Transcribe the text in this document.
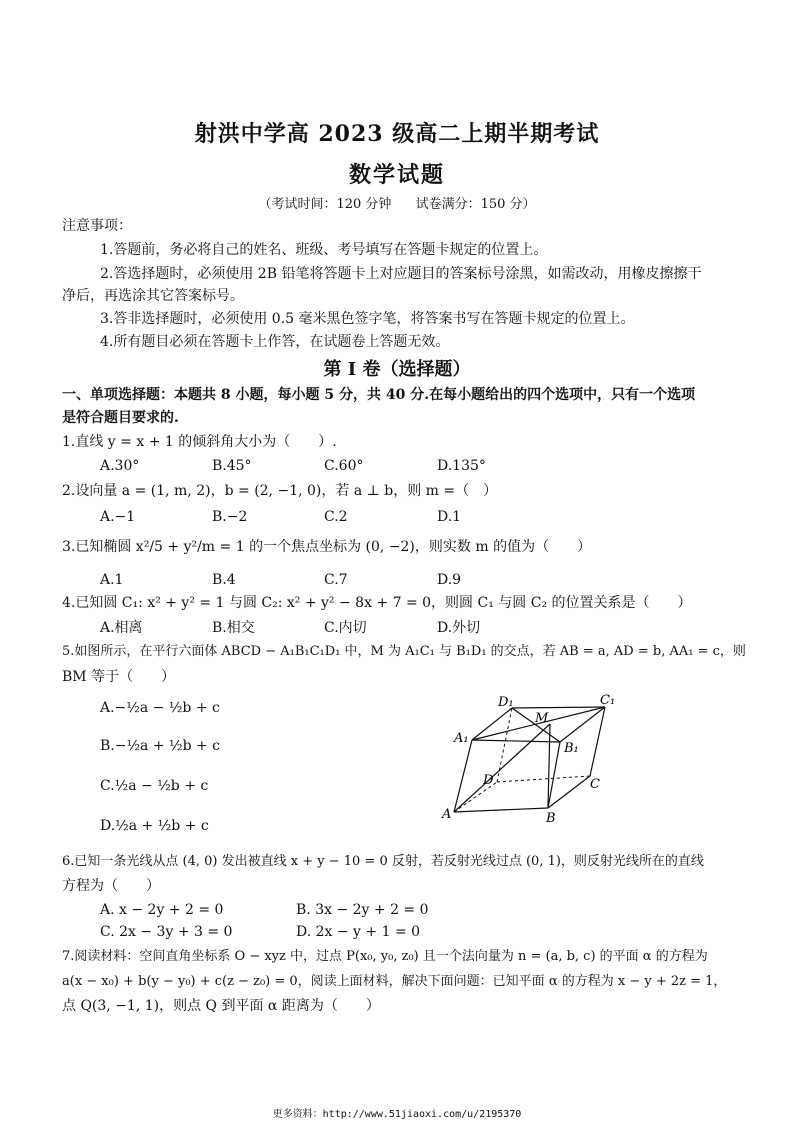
射洪中学高 2023 级高二上期半期考试
数学试题
（考试时间：120 分钟 试卷满分：150 分）
注意事项：
1.答题前，务必将自己的姓名、班级、考号填写在答题卡规定的位置上。
2.答选择题时，必须使用 2B 铅笔将答题卡上对应题目的答案标号涂黑，如需改动，用橡皮擦擦干
净后，再选涂其它答案标号。
3.答非选择题时，必须使用 0.5 毫米黑色签字笔，将答案书写在答题卡规定的位置上。
4.所有题目必须在答题卡上作答，在试题卷上答题无效。
第 I 卷（选择题）
一、单项选择题：本题共 8 小题，每小题 5 分，共 40 分.在每小题给出的四个选项中，只有一个选项
是符合题目要求的.
1.直线 y = x + 1 的倾斜角大小为（　　）.
A.30°	B.45°	C.60°	D.135°
2.设向量 a = (1, m, 2)，b = (2, −1, 0)，若 a ⊥ b，则 m =（　）
A.−1	B.−2	C.2	D.1
3.已知椭圆 x²/5 + y²/m = 1 的一个焦点坐标为 (0, −2)，则实数 m 的值为（　　）
A.1	B.4	C.7	D.9
4.已知圆 C₁: x² + y² = 1 与圆 C₂: x² + y² − 8x + 7 = 0，则圆 C₁ 与圆 C₂ 的位置关系是（　　）
A.相离	B.相交	C.内切	D.外切
5.如图所示，在平行六面体 ABCD − A₁B₁C₁D₁ 中，M 为 A₁C₁ 与 B₁D₁ 的交点，若 AB = a, AD = b, AA₁ = c，则
BM 等于（　　）
A.−½a − ½b + c
B.−½a + ½b + c
C.½a − ½b + c
D.½a + ½b + c
D₁
M
C₁
A₁
B₁
D	C
A	B
6.已知一条光线从点 (4, 0) 发出被直线 x + y − 10 = 0 反射，若反射光线过点 (0, 1)，则反射光线所在的直线
方程为（　　）
A. x − 2y + 2 = 0	B. 3x − 2y + 2 = 0
C. 2x − 3y + 3 = 0	D. 2x − y + 1 = 0
7.阅读材料：空间直角坐标系 O − xyz 中，过点 P(x₀, y₀, z₀) 且一个法向量为 n = (a, b, c) 的平面 α 的方程为
a(x − x₀) + b(y − y₀) + c(z − z₀) = 0，阅读上面材料，解决下面问题：已知平面 α 的方程为 x − y + 2z = 1，
点 Q(3, −1, 1)，则点 Q 到平面 α 距离为（　　）
更多资料：http://www.51jiaoxi.com/u/2195370
